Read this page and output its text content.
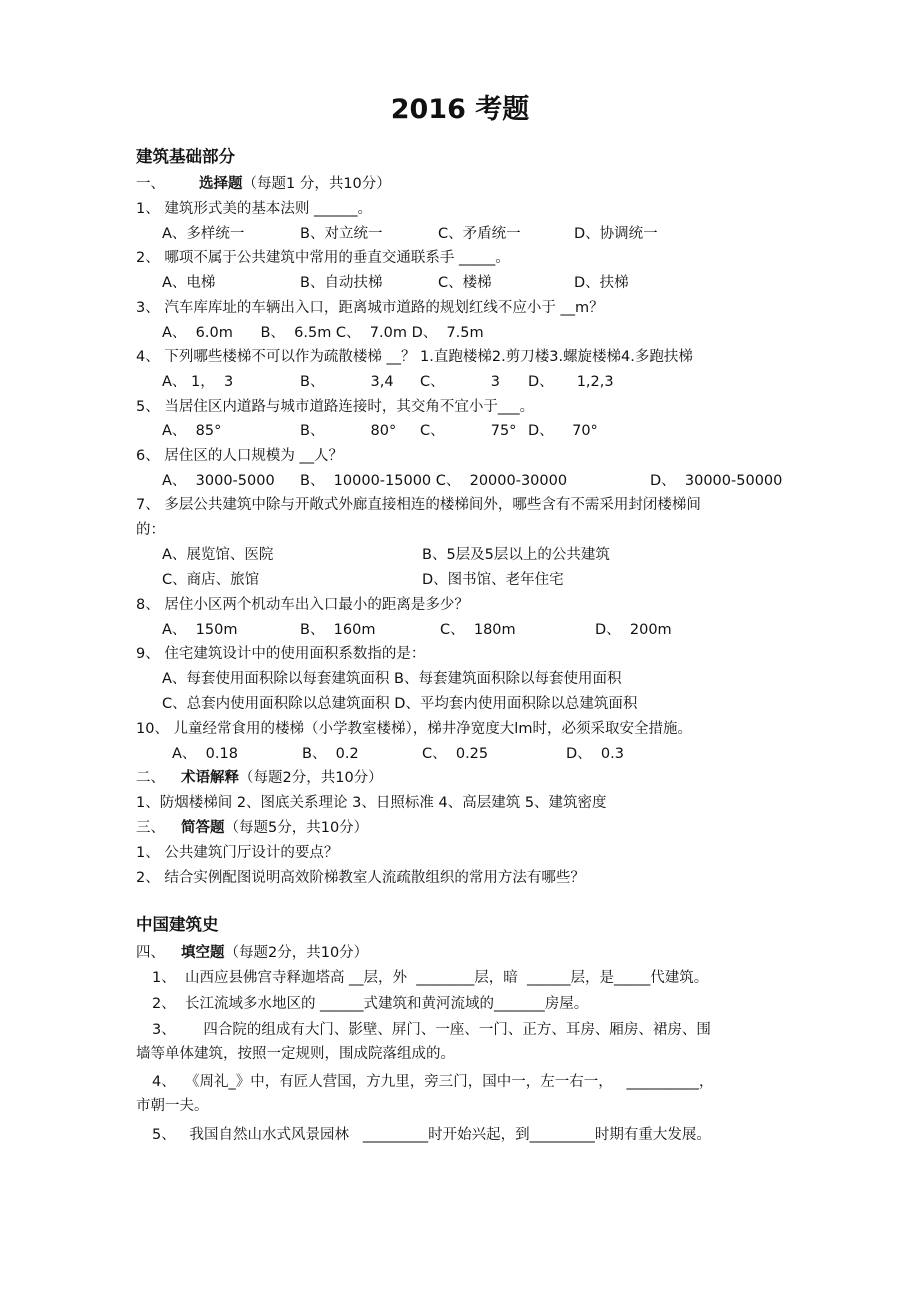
2016 考题
建筑基础部分
一、 选择题（每题1 分，共10分）
1、 建筑形式美的基本法则 ______。
A、多样统一	B、对立统一	C、矛盾统一	D、协调统一
2、 哪项不属于公共建筑中常用的垂直交通联系手 _____。
A、电梯	B、自动扶梯	C、楼梯	D、扶梯
3、 汽车库库址的车辆出入口，距离城市道路的规划红线不应小于 __m？
A、  6.0m      B、  6.5m C、  7.0m D、  7.5m
4、 下列哪些楼梯不可以作为疏散楼梯 __？ 1.直跑楼梯2.剪刀楼3.螺旋楼梯4.多跑扶梯
A、 1，  3	B、          3,4	C、          3	D、     1,2,3
5、 当居住区内道路与城市道路连接时，其交角不宜小于___。
A、  85°	B、          80°	C、          75° D、    70°
6、 居住区的人口规模为 __人？
A、  3000-5000	B、  10000-15000 C、  20000-30000	D、  30000-50000
7、 多层公共建筑中除与开敞式外廊直接相连的楼梯间外，哪些含有不需采用封闭楼梯间
的：
A、展览馆、医院	B、5层及5层以上的公共建筑
C、商店、旅馆	D、图书馆、老年住宅
8、 居住小区两个机动车出入口最小的距离是多少？
A、  150m	B、  160m	C、  180m	D、  200m
9、 住宅建筑设计中的使用面积系数指的是：
A、每套使用面积除以每套建筑面积 B、每套建筑面积除以每套使用面积
C、总套内使用面积除以总建筑面积 D、平均套内使用面积除以总建筑面积
10、 儿童经常食用的楼梯（小学教室楼梯），梯井净宽度大lm时，必须采取安全措施。
A、  0.18	B、  0.2	C、  0.25	D、  0.3
二、 术语解释（每题2分，共10分）
1、防烟楼梯间 2、图底关系理论 3、日照标准 4、高层建筑 5、建筑密度
三、 简答题（每题5分，共10分）
1、 公共建筑门厅设计的要点？
2、 结合实例配图说明高效阶梯教室人流疏散组织的常用方法有哪些？
中国建筑史
四、 填空题（每题2分，共10分）
1、  山西应县佛宫寺释迦塔高 __层，外  ________层，暗  ______层，是_____代建筑。
2、  长江流域多水地区的 ______式建筑和黄河流域的_______房屋。
3、      四合院的组成有大门、影壁、屏门、一座、一门、正方、耳房、厢房、裙房、围
墙等单体建筑，按照一定规则，围成院落组成的。
4、  《周礼_》中，有匠人营国，方九里，旁三门，国中一，左一右一，   __________，
市朝一夫。
5、   我国自然山水式风景园林   _________时开始兴起，到_________时期有重大发展。
